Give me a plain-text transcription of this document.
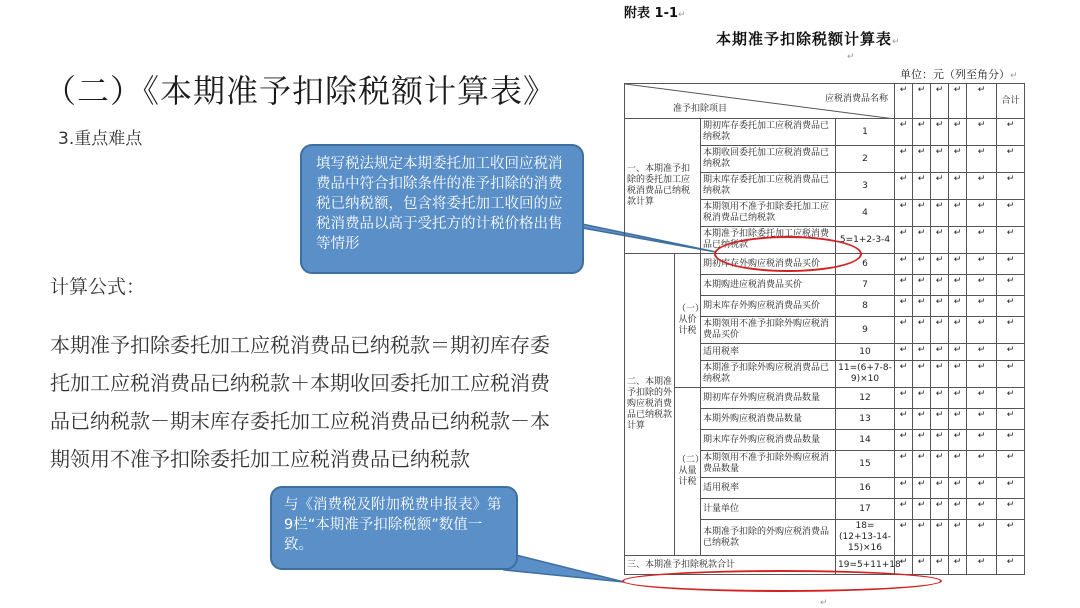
（二）《本期准予扣除税额计算表》
3.重点难点
计算公式：
本期准予扣除委托加工应税消费品已纳税款＝期初库存委托加工应税消费品已纳税款＋本期收回委托加工应税消费品已纳税款－期末库存委托加工应税消费品已纳税款－本期领用不准予扣除委托加工应税消费品已纳税款
填写税法规定本期委托加工收回应税消费品中符合扣除条件的准予扣除的消费税已纳税额，包含将委托加工收回的应税消费品以高于受托方的计税价格出售等情形
与《消费税及附加税费申报表》第9栏“本期准予扣除税额”数值一致。
附表 1-1↵
本期准予扣除税额计算表↵
↵
单位：元（列至角分）↵
应税消费品名称
准予扣除项目				↵	↵	↵	↵	↵	合计
一、本期准予扣除的委托加工应税消费品已纳税款计算		期初库存委托加工应税消费品已纳税款	1	↵	↵	↵	↵	↵	↵
		本期收回委托加工应税消费品已纳税款	2	↵	↵	↵	↵	↵	↵
		期末库存委托加工应税消费品已纳税款	3	↵	↵	↵	↵	↵	↵
		本期领用不准予扣除委托加工应税消费品已纳税款	4	↵	↵	↵	↵	↵	↵
		本期准予扣除委托加工应税消费品已纳税款	5=1+2-3-4	↵	↵	↵	↵	↵	↵
二、本期准予扣除的外购应税消费品已纳税款计算	（一）从价计税	期初库存外购应税消费品买价	6	↵	↵	↵	↵	↵	↵
		本期购进应税消费品买价	7	↵	↵	↵	↵	↵	↵
		期末库存外购应税消费品买价	8	↵	↵	↵	↵	↵	↵
		本期领用不准予扣除外购应税消费品买价	9	↵	↵	↵	↵	↵	↵
		适用税率	10	↵	↵	↵	↵	↵	↵
		本期准予扣除外购应税消费品已纳税款	11=(6+7-8-9)×10	↵	↵	↵	↵	↵	↵
	（二）从量计税	期初库存外购应税消费品数量	12	↵	↵	↵	↵	↵	↵
		本期外购应税消费品数量	13	↵	↵	↵	↵	↵	↵
		期末库存外购应税消费品数量	14	↵	↵	↵	↵	↵	↵
		本期领用不准予扣除外购应税消费品数量	15	↵	↵	↵	↵	↵	↵
		适用税率	16	↵	↵	↵	↵	↵	↵
		计量单位	17	↵	↵	↵	↵	↵	↵
		本期准予扣除的外购应税消费品已纳税款	18=(12+13-14-15)×16	↵	↵	↵	↵	↵	↵
三、本期准予扣除税款合计			19=5+11+18	↵	↵	↵	↵	↵	↵
↵
